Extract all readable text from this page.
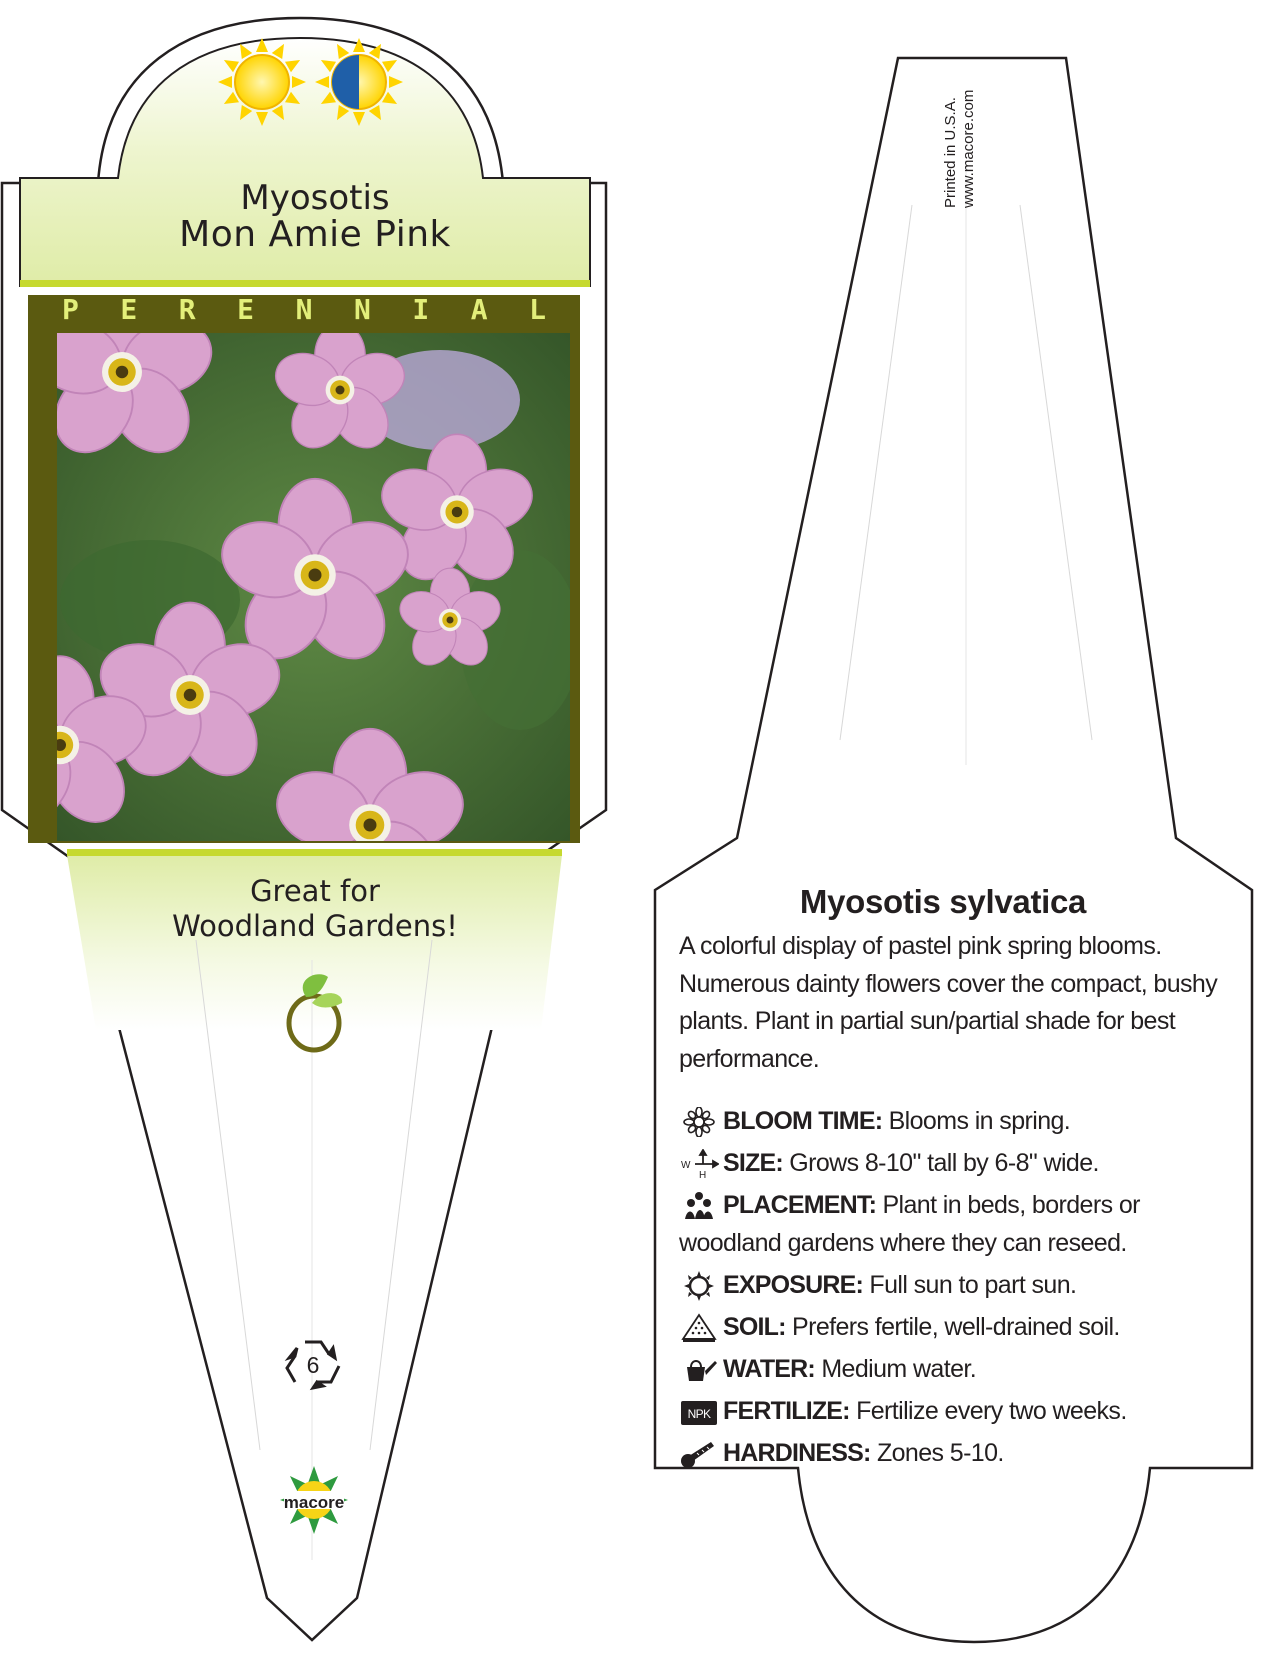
Myosotis
Mon Amie Pink
P E R E N N I A L
Great for
Woodland Gardens!
6
macore
Printed in U.S.A. www.macore.com
Myosotis sylvatica
A colorful display of pastel pink spring blooms. Numerous dainty flowers cover the compact, bushy plants. Plant in partial sun/partial shade for best performance.
BLOOM TIME: Blooms in spring.
W
H SIZE: Grows 8-10" tall by 6-8" wide.
PLACEMENT: Plant in beds, borders or woodland gardens where they can reseed.
EXPOSURE: Full sun to part sun.
SOIL: Prefers fertile, well-drained soil.
WATER: Medium water.
NPK FERTILIZE: Fertilize every two weeks.
HARDINESS: Zones 5-10.
